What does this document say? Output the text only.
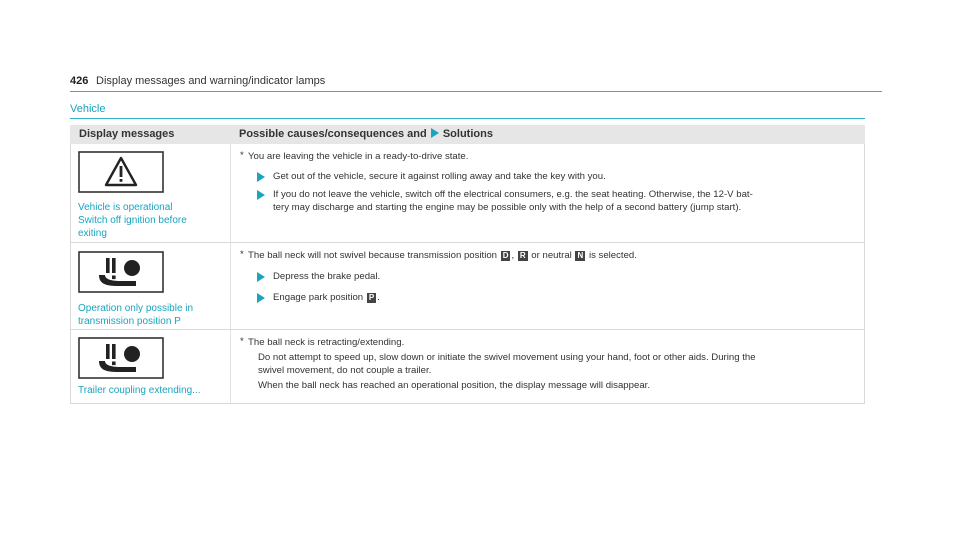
426 Display messages and warning/indicator lamps
Vehicle
Display messages	Possible causes/consequences and Solutions
Vehicle is operational
Switch off ignition before
exiting
* You are leaving the vehicle in a ready-to-drive state.
Get out of the vehicle, secure it against rolling away and take the key with you.
If you do not leave the vehicle, switch off the electrical consumers, e.g. the seat heating. Otherwise, the 12-V bat-
tery may discharge and starting the engine may be possible only with the help of a second battery (jump start).
Operation only possible in
transmission position P
* The ball neck will not swivel because transmission position D , R or neutral N is selected.
Depress the brake pedal.
Engage park position P .
Trailer coupling extending...
* The ball neck is retracting/extending.
Do not attempt to speed up, slow down or initiate the swivel movement using your hand, foot or other aids. During the
swivel movement, do not couple a trailer.
When the ball neck has reached an operational position, the display message will disappear.
